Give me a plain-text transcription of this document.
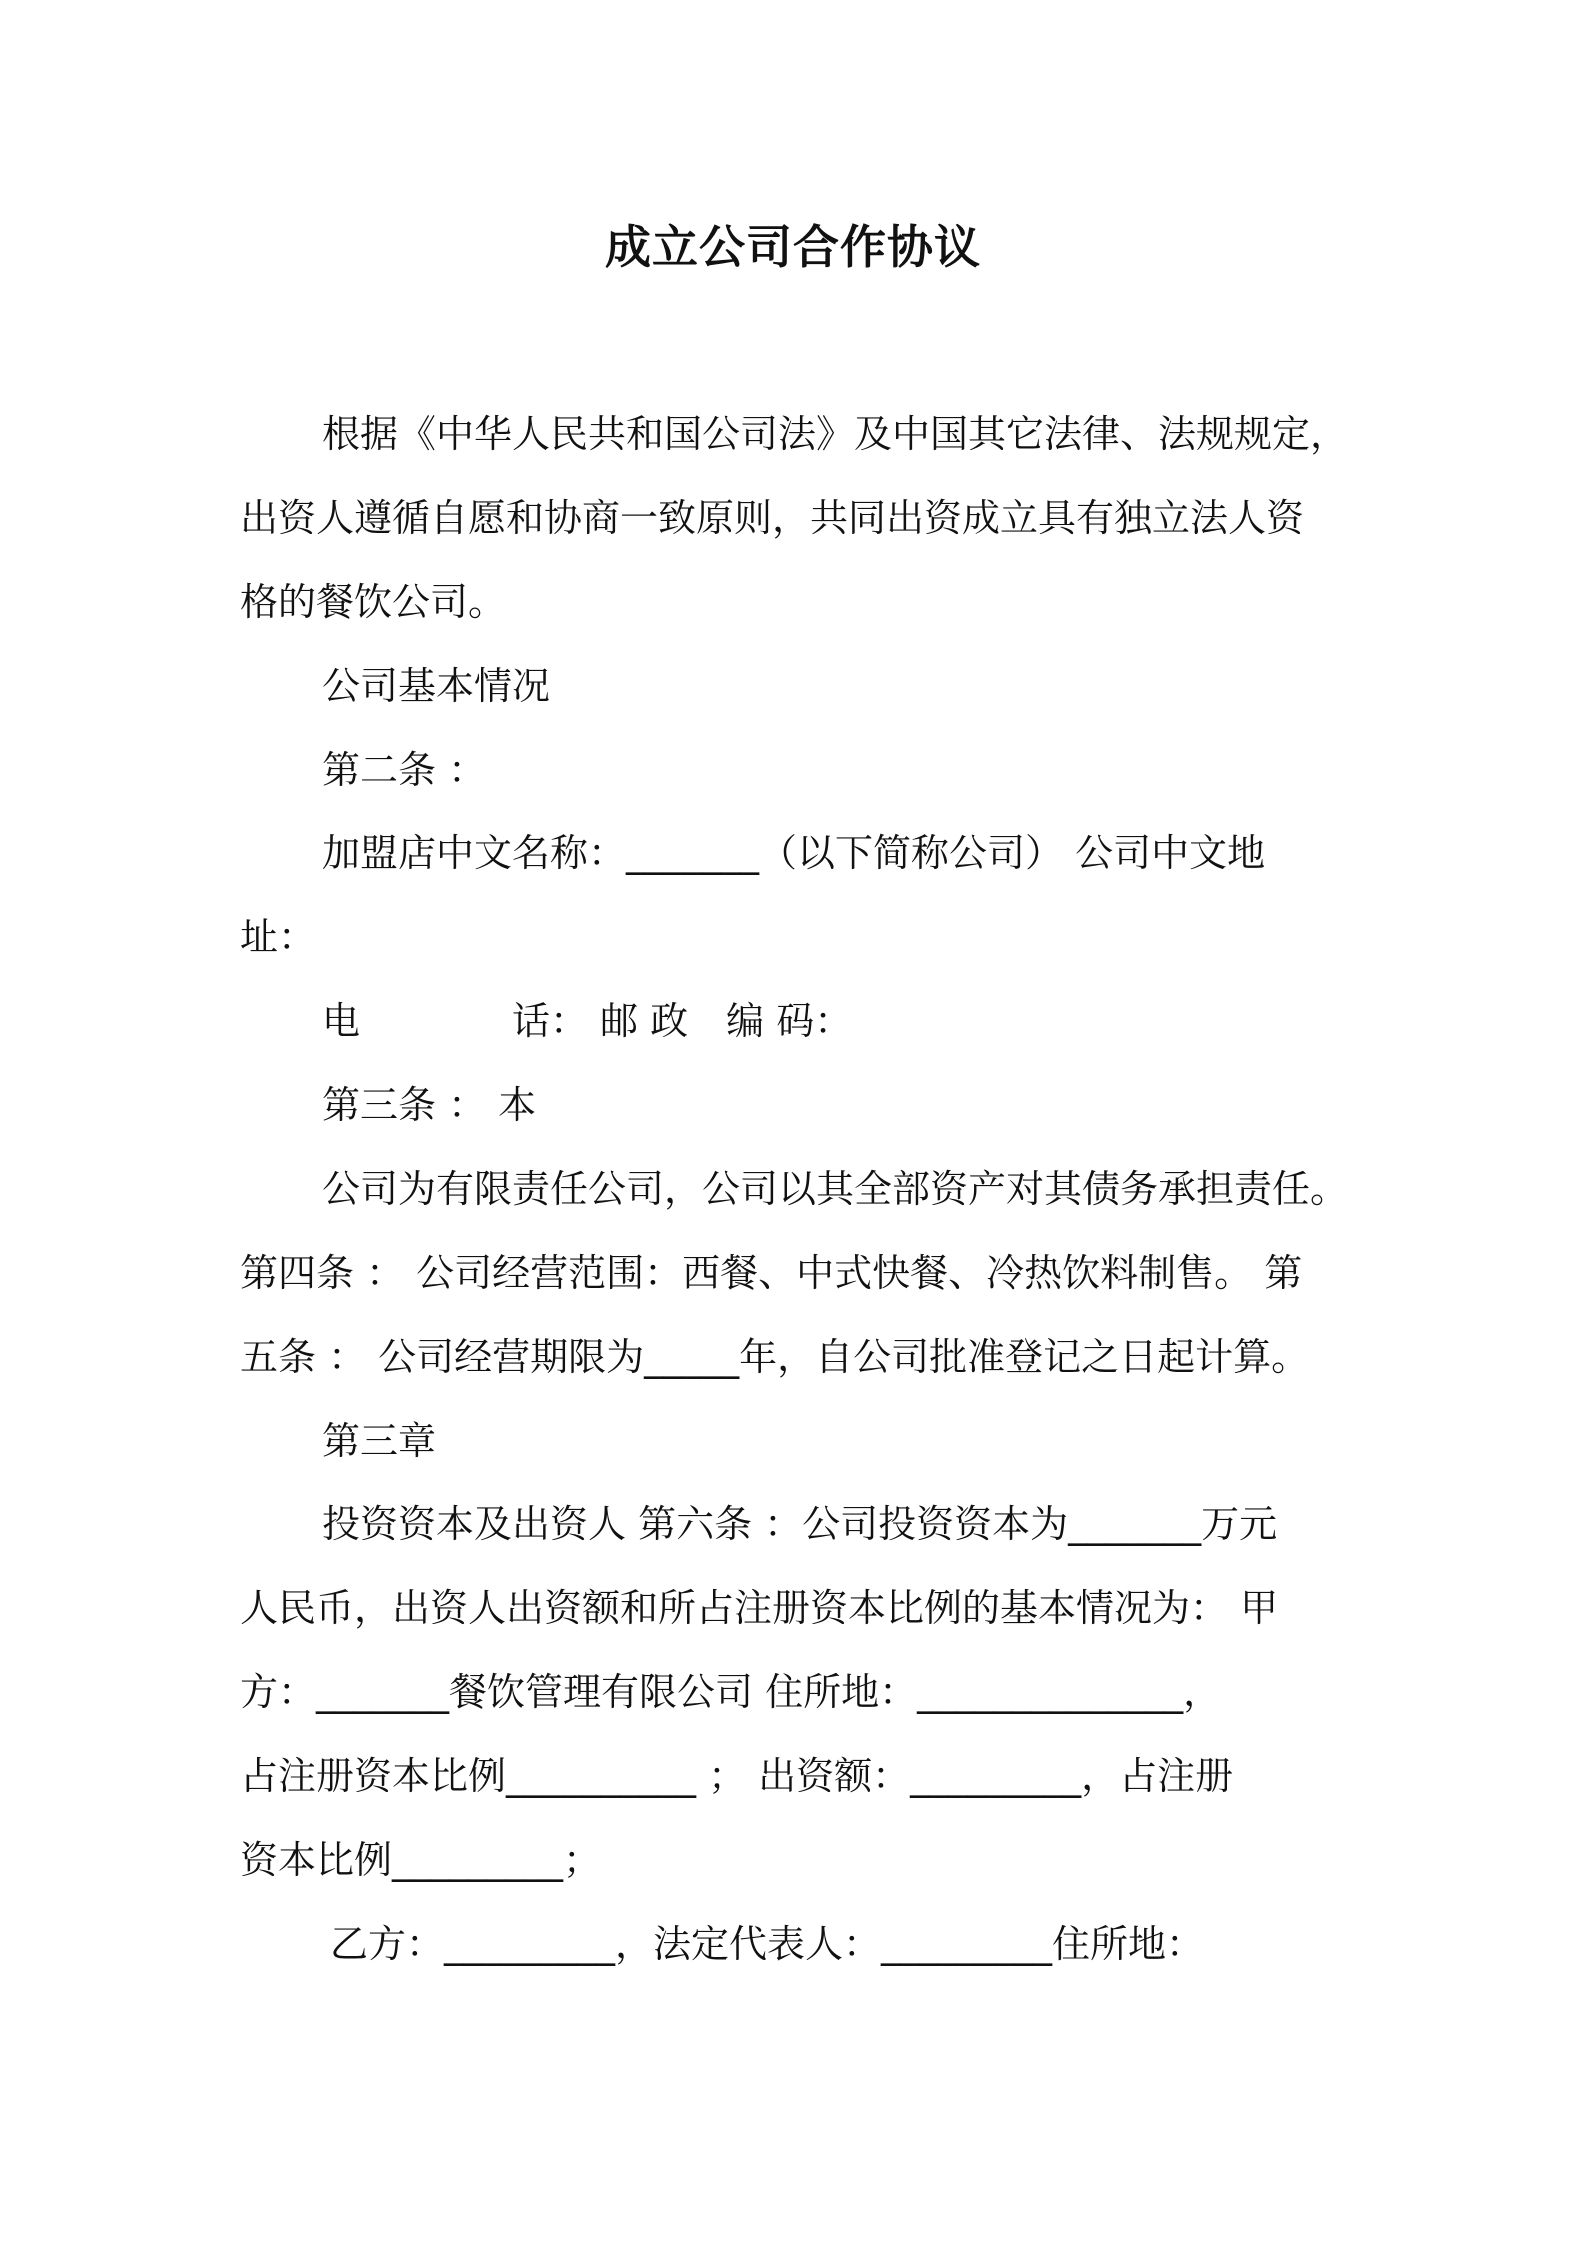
成立公司合作协议

根据《中华人民共和国公司法》及中国其它法律、法规规定，

出资人遵循自愿和协商一致原则，共同出资成立具有独立法人资

格的餐饮公司。

公司基本情况

第二条 ：

加盟店中文名称：_______（以下简称公司） 公司中文地

址：

电　　　　话： 邮 政　编 码：

第三条 ： 本

公司为有限责任公司，公司以其全部资产对其债务承担责任。

第四条 ： 公司经营范围：西餐、中式快餐、冷热饮料制售。 第

五条 ： 公司经营期限为_____年，自公司批准登记之日起计算。

第三章

投资资本及出资人 第六条 ：公司投资资本为_______万元

人民币，出资人出资额和所占注册资本比例的基本情况为： 甲

方：_______餐饮管理有限公司 住所地：______________，

占注册资本比例__________ ； 出资额：_________，占注册

资本比例_________；

乙方：_________，法定代表人：_________住所地：
